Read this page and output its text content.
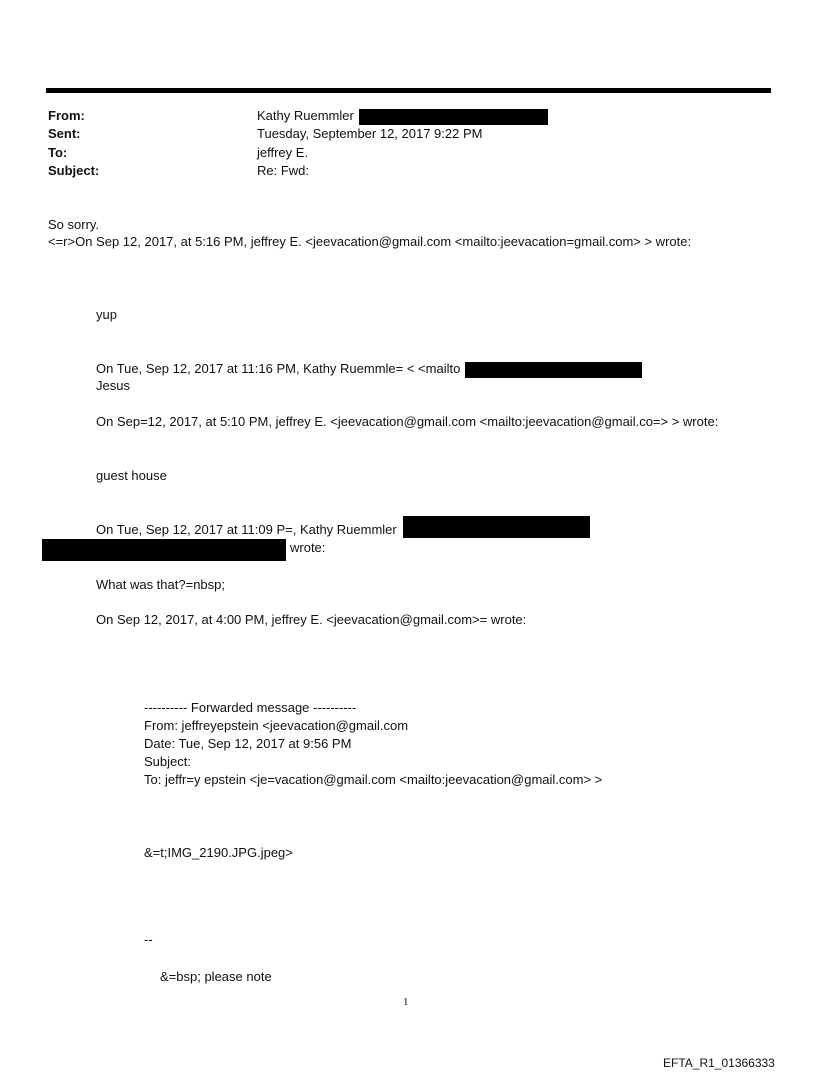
From:	Kathy Ruemmler
Sent:	Tuesday, September 12, 2017 9:22 PM
To:	jeffrey E.
Subject:	Re: Fwd:
So sorry.
<=r>On Sep 12, 2017, at 5:16 PM, jeffrey E. <jeevacation@gmail.com <mailto:jeevacation=gmail.com> > wrote:
yup
On Tue, Sep 12, 2017 at 11:16 PM, Kathy Ruemmle= < <mailto
Jesus
On Sep=12, 2017, at 5:10 PM, jeffrey E. <jeevacation@gmail.com <mailto:jeevacation@gmail.co=> > wrote:
guest house
On Tue, Sep 12, 2017 at 11:09 P=, Kathy Ruemmler
wrote:
What was that?=nbsp;
On Sep 12, 2017, at 4:00 PM, jeffrey E. <jeevacation@gmail.com>= wrote:
---------- Forwarded message ----------
From: jeffreyepstein <jeevacation@gmail.com
Date: Tue, Sep 12, 2017 at 9:56 PM
Subject:
To: jeffr=y epstein <je=vacation@gmail.com <mailto:jeevacation@gmail.com> >
&=t;IMG_2190.JPG.jpeg>
--
&=bsp; please note
1
EFTA_R1_01366333
